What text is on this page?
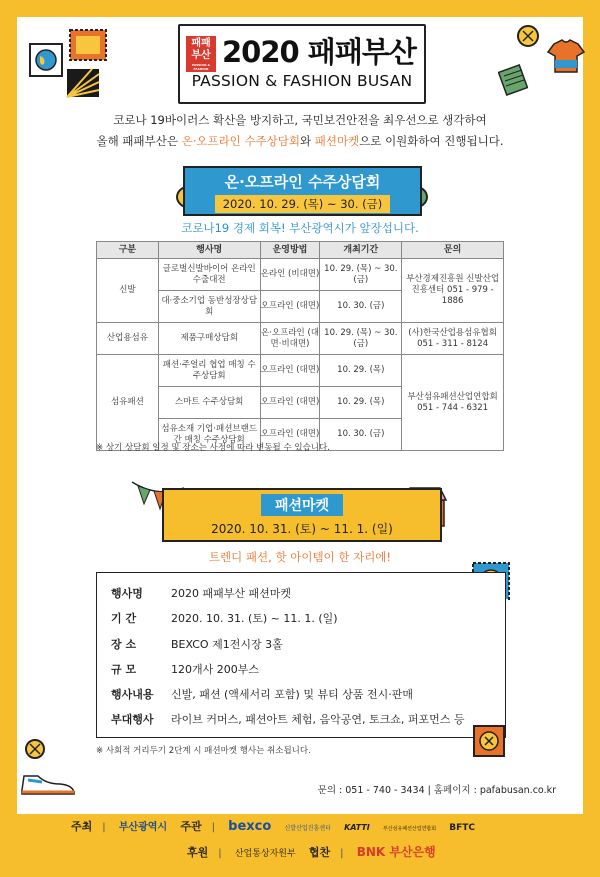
패패부산
PASSION & FASHION 2020 패패부산
PASSION & FASHION BUSAN
코로나 19바이러스 확산을 방지하고, 국민보건안전을 최우선으로 생각하여
올해 패패부산은 온·오프라인 수주상담회와 패션마켓으로 이원화하여 진행됩니다.
온·오프라인 수주상담회
2020. 10. 29. (목) ~ 30. (금)
코로나19 경제 회복! 부산광역시가 앞장섭니다.
구분	행사명	운영방법	개최기간	문의
신발	글로벌신발바이어 온라인수출대전	온라인 (비대면)	10. 29. (목) ~ 30. (금)	부산경제진흥원 신발산업진흥센터 051 - 979 - 1886
	대·중소기업 동반성장상담회	오프라인 (대면)	10. 30. (금)	
산업용섬유	제품구매상담회	온·오프라인 (대면·비대면)	10. 29. (목) ~ 30. (금)	(사)한국산업용섬유협회 051 - 311 - 8124
섬유패션	패션·주얼리 협업 매칭 수주상담회	오프라인 (대면)	10. 29. (목)	부산섬유패션산업연합회 051 - 744 - 6321
	스마트 수주상담회	오프라인 (대면)	10. 29. (목)	
	섬유소재 기업·패션브랜드 간 매칭 수주상담회	오프라인 (대면)	10. 30. (금)	
※ 상기 상담회 일정 및 장소는 사정에 따라 변동될 수 있습니다.
패션마켓
2020. 10. 31. (토) ~ 11. 1. (일)
트렌디 패션, 핫 아이템이 한 자리에!
행사명	2020 패패부산 패션마켓
기 간	2020. 10. 31. (토) ~ 11. 1. (일)
장 소	BEXCO 제1전시장 3홀
규 모	120개사 200부스
행사내용 신발, 패션 (액세서리 포함) 및 뷰티 상품 전시·판매
부대행사 라이브 커머스, 패션아트 체험, 음악공연, 토크쇼, 퍼포먼스 등
※ 사회적 거리두기 2단계 시 패션마켓 행사는 취소됩니다.
문의 : 051 - 740 - 3434 | 홈페이지 : pafabusan.co.kr
주최 | 부산광역시 주관 | bexco 신발산업진흥센터 KATTI	부산섬유패션산업연합회 BFTC
후원 | 산업통상자원부 협찬 | BNK 부산은행
